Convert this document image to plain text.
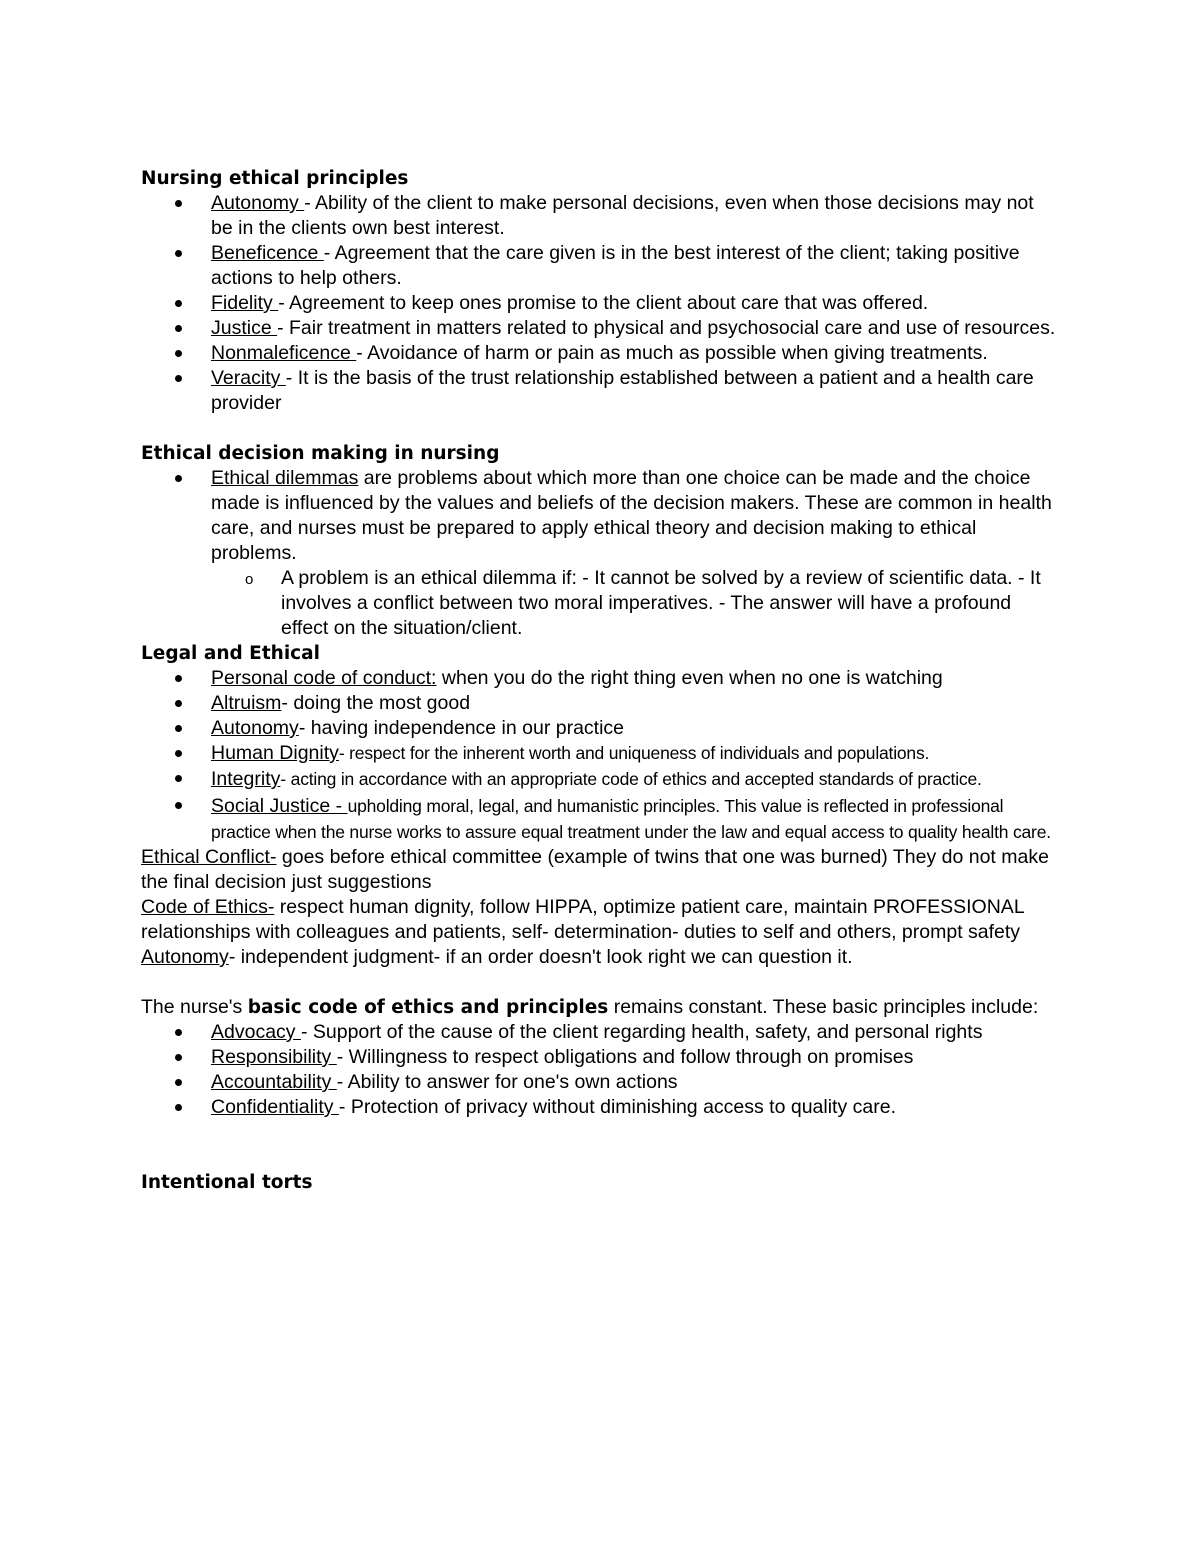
Nursing ethical principles

Autonomy - Ability of the client to make personal decisions, even when those decisions may not be in the clients own best interest.
Beneficence - Agreement that the care given is in the best interest of the client; taking positive actions to help others.
Fidelity - Agreement to keep ones promise to the client about care that was offered.
Justice - Fair treatment in matters related to physical and psychosocial care and use of resources.
Nonmaleficence - Avoidance of harm or pain as much as possible when giving treatments.
Veracity - It is the basis of the trust relationship established between a patient and a health care provider

Ethical decision making in nursing

Ethical dilemmas are problems about which more than one choice can be made and the choice made is influenced by the values and beliefs of the decision makers. These are common in health care, and nurses must be prepared to apply ethical theory and decision making to ethical problems.
o A problem is an ethical dilemma if: - It cannot be solved by a review of scientific data. - It involves a conflict between two moral imperatives. - The answer will have a profound effect on the situation/client.

Legal and Ethical

Personal code of conduct: when you do the right thing even when no one is watching
Altruism- doing the most good
Autonomy- having independence in our practice
Human Dignity- respect for the inherent worth and uniqueness of individuals and populations.
Integrity- acting in accordance with an appropriate code of ethics and accepted standards of practice.
Social Justice - upholding moral, legal, and humanistic principles. This value is reflected in professional practice when the nurse works to assure equal treatment under the law and equal access to quality health care.

Ethical Conflict- goes before ethical committee (example of twins that one was burned) They do not make the final decision just suggestions

Code of Ethics- respect human dignity, follow HIPPA, optimize patient care, maintain PROFESSIONAL relationships with colleagues and patients, self- determination- duties to self and others, prompt safety

Autonomy- independent judgment- if an order doesn't look right we can question it.

The nurse's basic code of ethics and principles remains constant. These basic principles include:

Advocacy - Support of the cause of the client regarding health, safety, and personal rights
Responsibility - Willingness to respect obligations and follow through on promises
Accountability - Ability to answer for one's own actions
Confidentiality - Protection of privacy without diminishing access to quality care.

Intentional torts
